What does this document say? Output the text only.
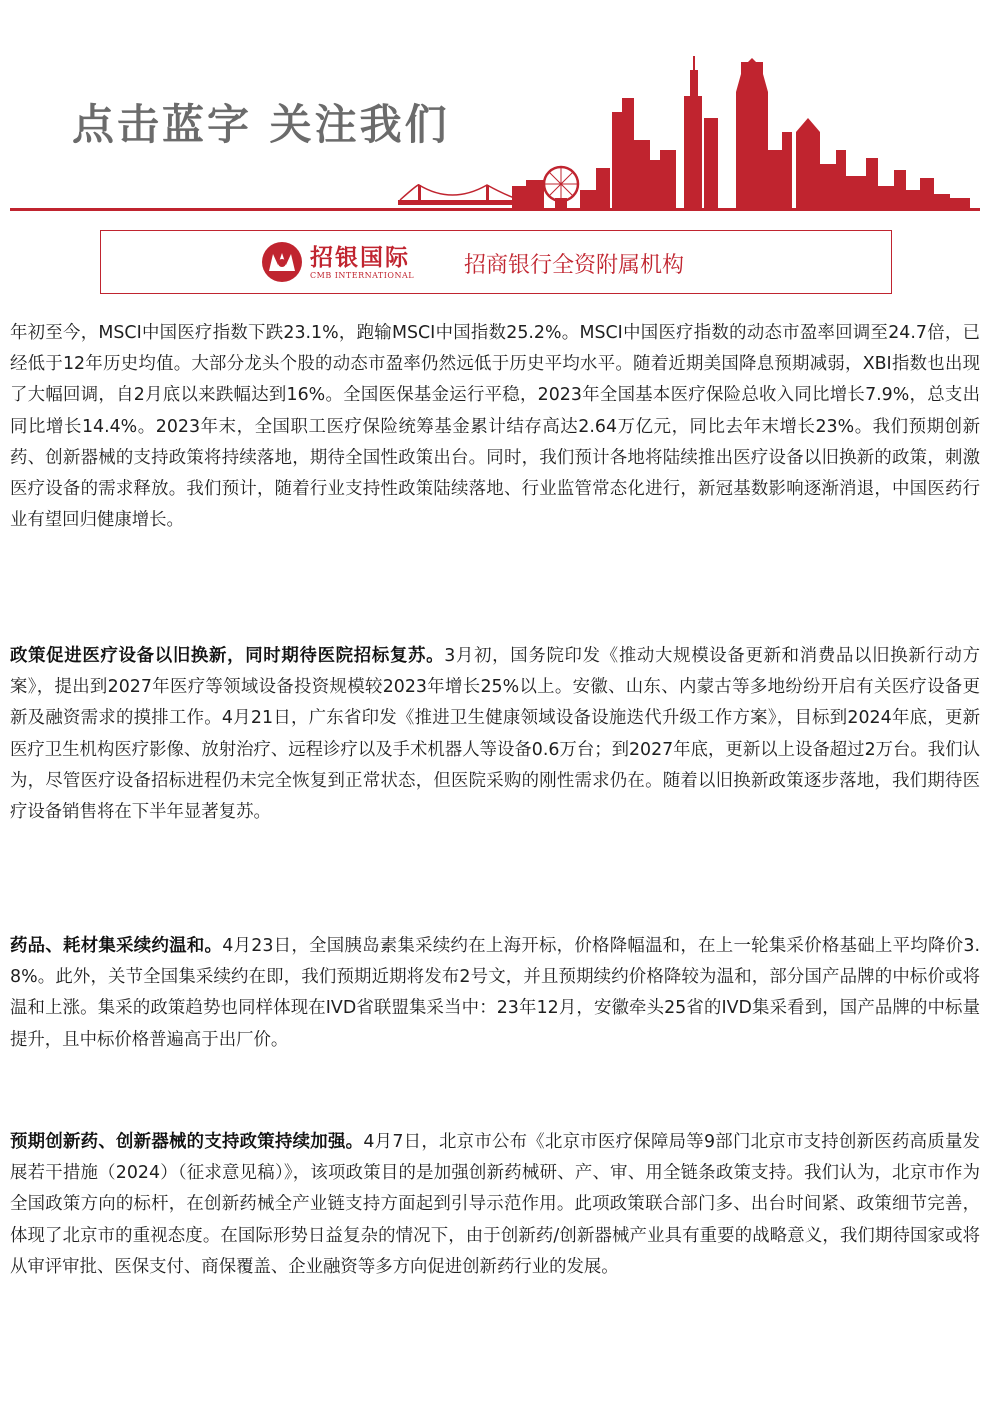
点击蓝字 关注我们
招银国际
CMB INTERNATIONAL 招商银行全资附属机构

年初至今，MSCI中国医疗指数下跌23.1%，跑输MSCI中国指数25.2%。MSCI中国医疗指数的动态市盈率回调至24.7倍，已经低于12年历史均值。大部分龙头个股的动态市盈率仍然远低于历史平均水平。随着近期美国降息预期减弱，XBI指数也出现了大幅回调，自2月底以来跌幅达到16%。全国医保基金运行平稳，2023年全国基本医疗保险总收入同比增长7.9%，总支出同比增长14.4%。2023年末，全国职工医疗保险统筹基金累计结存高达2.64万亿元，同比去年末增长23%。我们预期创新药、创新器械的支持政策将持续落地，期待全国性政策出台。同时，我们预计各地将陆续推出医疗设备以旧换新的政策，刺激医疗设备的需求释放。我们预计，随着行业支持性政策陆续落地、行业监管常态化进行，新冠基数影响逐渐消退，中国医药行业有望回归健康增长。

政策促进医疗设备以旧换新，同时期待医院招标复苏。3月初，国务院印发《推动大规模设备更新和消费品以旧换新行动方案》，提出到2027年医疗等领域设备投资规模较2023年增长25%以上。安徽、山东、内蒙古等多地纷纷开启有关医疗设备更新及融资需求的摸排工作。4月21日，广东省印发《推进卫生健康领域设备设施迭代升级工作方案》，目标到2024年底，更新医疗卫生机构医疗影像、放射治疗、远程诊疗以及手术机器人等设备0.6万台；到2027年底，更新以上设备超过2万台。我们认为，尽管医疗设备招标进程仍未完全恢复到正常状态，但医院采购的刚性需求仍在。随着以旧换新政策逐步落地，我们期待医疗设备销售将在下半年显著复苏。

药品、耗材集采续约温和。4月23日，全国胰岛素集采续约在上海开标，价格降幅温和，在上一轮集采价格基础上平均降价3.8%。此外，关节全国集采续约在即，我们预期近期将发布2号文，并且预期续约价格降较为温和，部分国产品牌的中标价或将温和上涨。集采的政策趋势也同样体现在IVD省联盟集采当中：23年12月，安徽牵头25省的IVD集采看到，国产品牌的中标量提升，且中标价格普遍高于出厂价。

预期创新药、创新器械的支持政策持续加强。4月7日，北京市公布《北京市医疗保障局等9部门北京市支持创新医药高质量发展若干措施（2024）（征求意见稿）》，该项政策目的是加强创新药械研、产、审、用全链条政策支持。我们认为，北京市作为全国政策方向的标杆，在创新药械全产业链支持方面起到引导示范作用。此项政策联合部门多、出台时间紧、政策细节完善，体现了北京市的重视态度。在国际形势日益复杂的情况下，由于创新药/创新器械产业具有重要的战略意义，我们期待国家或将从审评审批、医保支付、商保覆盖、企业融资等多方向促进创新药行业的发展。
